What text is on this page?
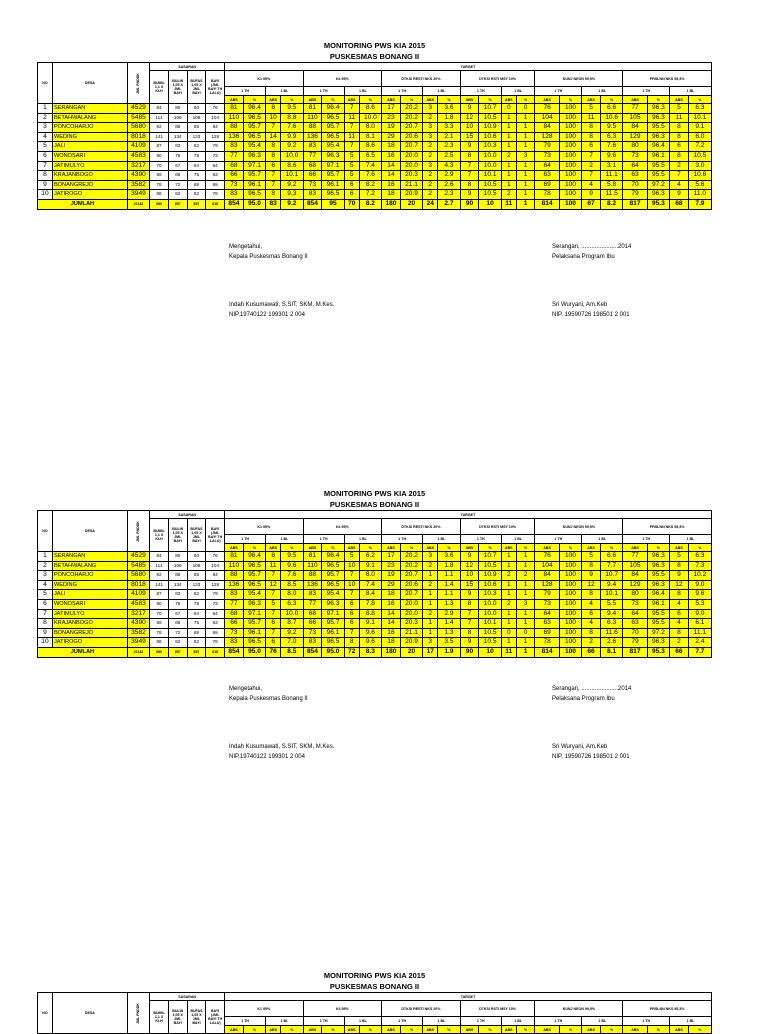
MONITORING PWS KIA 2015
PUSKESMAS BONANG II
NO	DESA	JML PNDDK	SASARAN				TARGET																							
			BUMIL 1,1 X KLH	BULIN 1,05 X JML BAYI	BUFAS 1,05 X JML BAYI	BAYI (JML BAYI TH LALU)	K1 95%				K4 95%				DTKSI RESTI NKS 20%				DTKSI RSTI MSY 10%				KUNJ NEON 99,5%				PRSLNN NKS 95,3%			
							1 TH		1 BL		1 TH		1 BL		1 TH		1 BL		1 TH		1 BL		1 TH		1 BL		1 TH		1 BL	
							ABS	%	ABS	%	ABS	%	ABS	%	ABS	%	ABS	%	ABS	%	ABS	%	ABS	%	ABS	%	ABS	%	ABS	%
1	SERANGAN	4529	84	80	80	76	81	96.4	8	9.5	81	96.4	7	8.6	17	20.2	3	3.6	9	10.7	0	0	76	100	5	6.6	77	96.3	5	6.3
2	BETAHWALANG	5485	114	109	109	104	110	96.5	10	8.8	110	96.5	11	10.0	23	20.2	2	1.8	12	10.5	1	1	104	100	11	10.6	105	96.3	11	10.1
3	PONCOHARJO	5680	92	88	85	84	88	95.7	7	7.6	88	95.7	7	8.0	19	20.7	3	3.3	10	10.9	1	1	84	100	8	9.5	84	95.5	8	9.1
4	WEDING	8018	141	134	133	128	136	96.5	14	9.9	136	96.5	11	8.1	29	20.6	3	2.1	15	10.6	1	1	128	100	8	6.3	129	96.3	8	6.0
5	JALI	4109	87	83	82	79	83	95.4	8	9.2	83	95.4	7	8.6	18	20.7	2	2.3	9	10.3	1	1	79	100	6	7.6	80	96.4	6	7.2
6	WONOSARI	4583	80	76	79	73	77	96.3	8	10.0	77	96.3	5	6.5	16	20.0	2	2.5	8	10.0	2	3	73	100	7	9.6	73	96.1	8	10.5
7	JATIMULYO	3217	70	67	64	64	68	97.1	6	8.6	68	97.1	5	7.4	14	20.0	3	4.3	7	10.0	1	1	64	100	2	3.1	64	95.5	2	3.0
8	KRAJANBOGO	4390	69	66	75	63	66	95.7	7	10.1	66	95.7	5	7.6	14	20.3	2	2.9	7	10.1	1	1	63	100	7	11.1	63	95.5	7	10.6
9	BONANGREJO	3582	76	72	68	69	73	96.1	7	9.2	73	96.1	6	8.2	16	21.1	2	2.6	8	10.5	1	1	69	100	4	5.8	70	97.2	4	5.6
10	JATIROGO	3949	86	82	82	78	83	96.5	8	9.3	83	96.5	6	7.2	18	20.9	2	2.3	9	10.5	2	1	78	100	9	11.5	79	96.3	9	11.0
JUMLAH		47442	899	857	857	818	854	95.0	83	9.2	854	95	70	8.2	180	20	24	2.7	90	10	11	1	814	100	67	8.2	817	95.3	68	7.9
Mengetahui,
Kepala Puskesmas Bonang II
Indah Kusumawati, S.SIT, SKM, M.Kes.
NIP.19740122 199301 2 004
Serangan, ......................2014
Pelaksana Program Ibu
Sri Wuryani, Am.Keb
NIP. 19590726 198501 2 001
MONITORING PWS KIA 2015
PUSKESMAS BONANG II
NO	DESA	JML PNDDK	SASARAN				TARGET																							
			BUMIL 1,1 X KLH	BULIN 1,05 X JML BAYI	BUFAS 1,05 X JML BAYI	BAYI (JML BAYI TH LALU)	K1 95%				K4 95%				DTKSI RESTI NKS 20%				DTKSI RSTI MSY 10%				KUNJ NEON 99,5%				PRSLNN NKS 95,3%			
							1 TH		1 BL		1 TH		1 BL		1 TH		1 BL		1 TH		1 BL		1 TH		1 BL		1 TH		1 BL	
							ABS	%	ABS	%	ABS	%	ABS	%	ABS	%	ABS	%	ABS	%	ABS	%	ABS	%	ABS	%	ABS	%	ABS	%
1	SERANGAN	4529	84	80	80	76	81	96.4	8	9.5	81	96.4	5	6.2	17	20.2	3	3.6	9	10.7	1	1	76	100	5	6.6	77	96.3	5	6.3
2	BETAHWALANG	5485	114	109	109	104	110	96.5	11	9.6	110	96.5	10	9.1	23	20.2	2	1.8	12	10.5	1	1	104	100	8	7.7	105	96.3	8	7.3
3	PONCOHARJO	5680	92	88	85	84	88	95.7	7	7.6	88	95.7	7	8.0	19	20.7	1	1.1	10	10.9	2	2	84	100	9	10.7	84	95.5	9	10.2
4	WEDING	8018	141	134	133	128	136	96.5	12	8.5	136	96.5	10	7.4	29	20.6	2	1.4	15	10.6	1	1	128	100	12	9.4	129	96.3	12	9.0
5	JALI	4109	87	83	82	79	83	95.4	7	8.0	83	95.4	7	8.4	18	20.7	1	1.1	9	10.3	1	1	79	100	8	10.1	80	96.4	8	9.6
6	WONOSARI	4583	80	76	79	73	77	96.3	5	6.3	77	96.3	6	7.8	16	20.0	1	1.3	8	10.0	2	3	73	100	4	5.5	73	96.1	4	5.3
7	JATIMULYO	3217	70	67	64	64	68	97.1	7	10.0	68	97.1	6	8.8	14	20.0	2	2.9	7	10.0	1	1	64	100	6	9.4	64	95.5	6	9.0
8	KRAJANBOGO	4390	69	66	75	63	66	95.7	6	8.7	66	95.7	6	9.1	14	20.3	1	1.4	7	10.1	1	1	63	100	4	6.3	63	95.5	4	6.1
9	BONANGREJO	3582	76	72	68	69	73	96.1	7	9.2	73	96.1	7	9.6	16	21.1	1	1.3	8	10.5	0	0	69	100	8	11.6	70	97.2	8	11.1
10	JATIROGO	3949	86	82	82	78	83	96.5	6	7.0	83	96.5	8	9.6	18	20.9	3	3.5	9	10.5	1	1	78	100	2	2.6	79	96.3	2	2.4
JUMLAH		47442	899	857	857	818	854	95.0	76	8.5	854	95.0	72	8.3	180	20	17	1.9	90	10	11	1	814	100	66	8.1	817	95.3	66	7.7
Mengetahui,
Kepala Puskesmas Bonang II
Indah Kusumawati, S.SIT, SKM, M.Kes.
NIP.19740122 199301 2 004
Serangan, ......................2014
Pelaksana Program Ibu
Sri Wuryani, Am.Keb
NIP. 19590726 198501 2 001
MONITORING PWS KIA 2015
PUSKESMAS BONANG II
NO	DESA	JML PNDDK	SASARAN				TARGET																							
			BUMIL 1,1 X KLH	BULIN 1,05 X JML BAYI	BUFAS 1,05 X JML BAYI	BAYI (JML BAYI TH LALU)	K1 95%				K4 95%				DTKSI RESTI NKS 20%				DTKSI RSTI MSY 10%				KUNJ NEON 99,5%				PRSLNN NKS 95,3%			
							1 TH		1 BL		1 TH		1 BL		1 TH		1 BL		1 TH		1 BL		1 TH		1 BL		1 TH		1 BL	
							ABS	%	ABS	%	ABS	%	ABS	%	ABS	%	ABS	%	ABS	%	ABS	%	ABS	%	ABS	%	ABS	%	ABS	%
